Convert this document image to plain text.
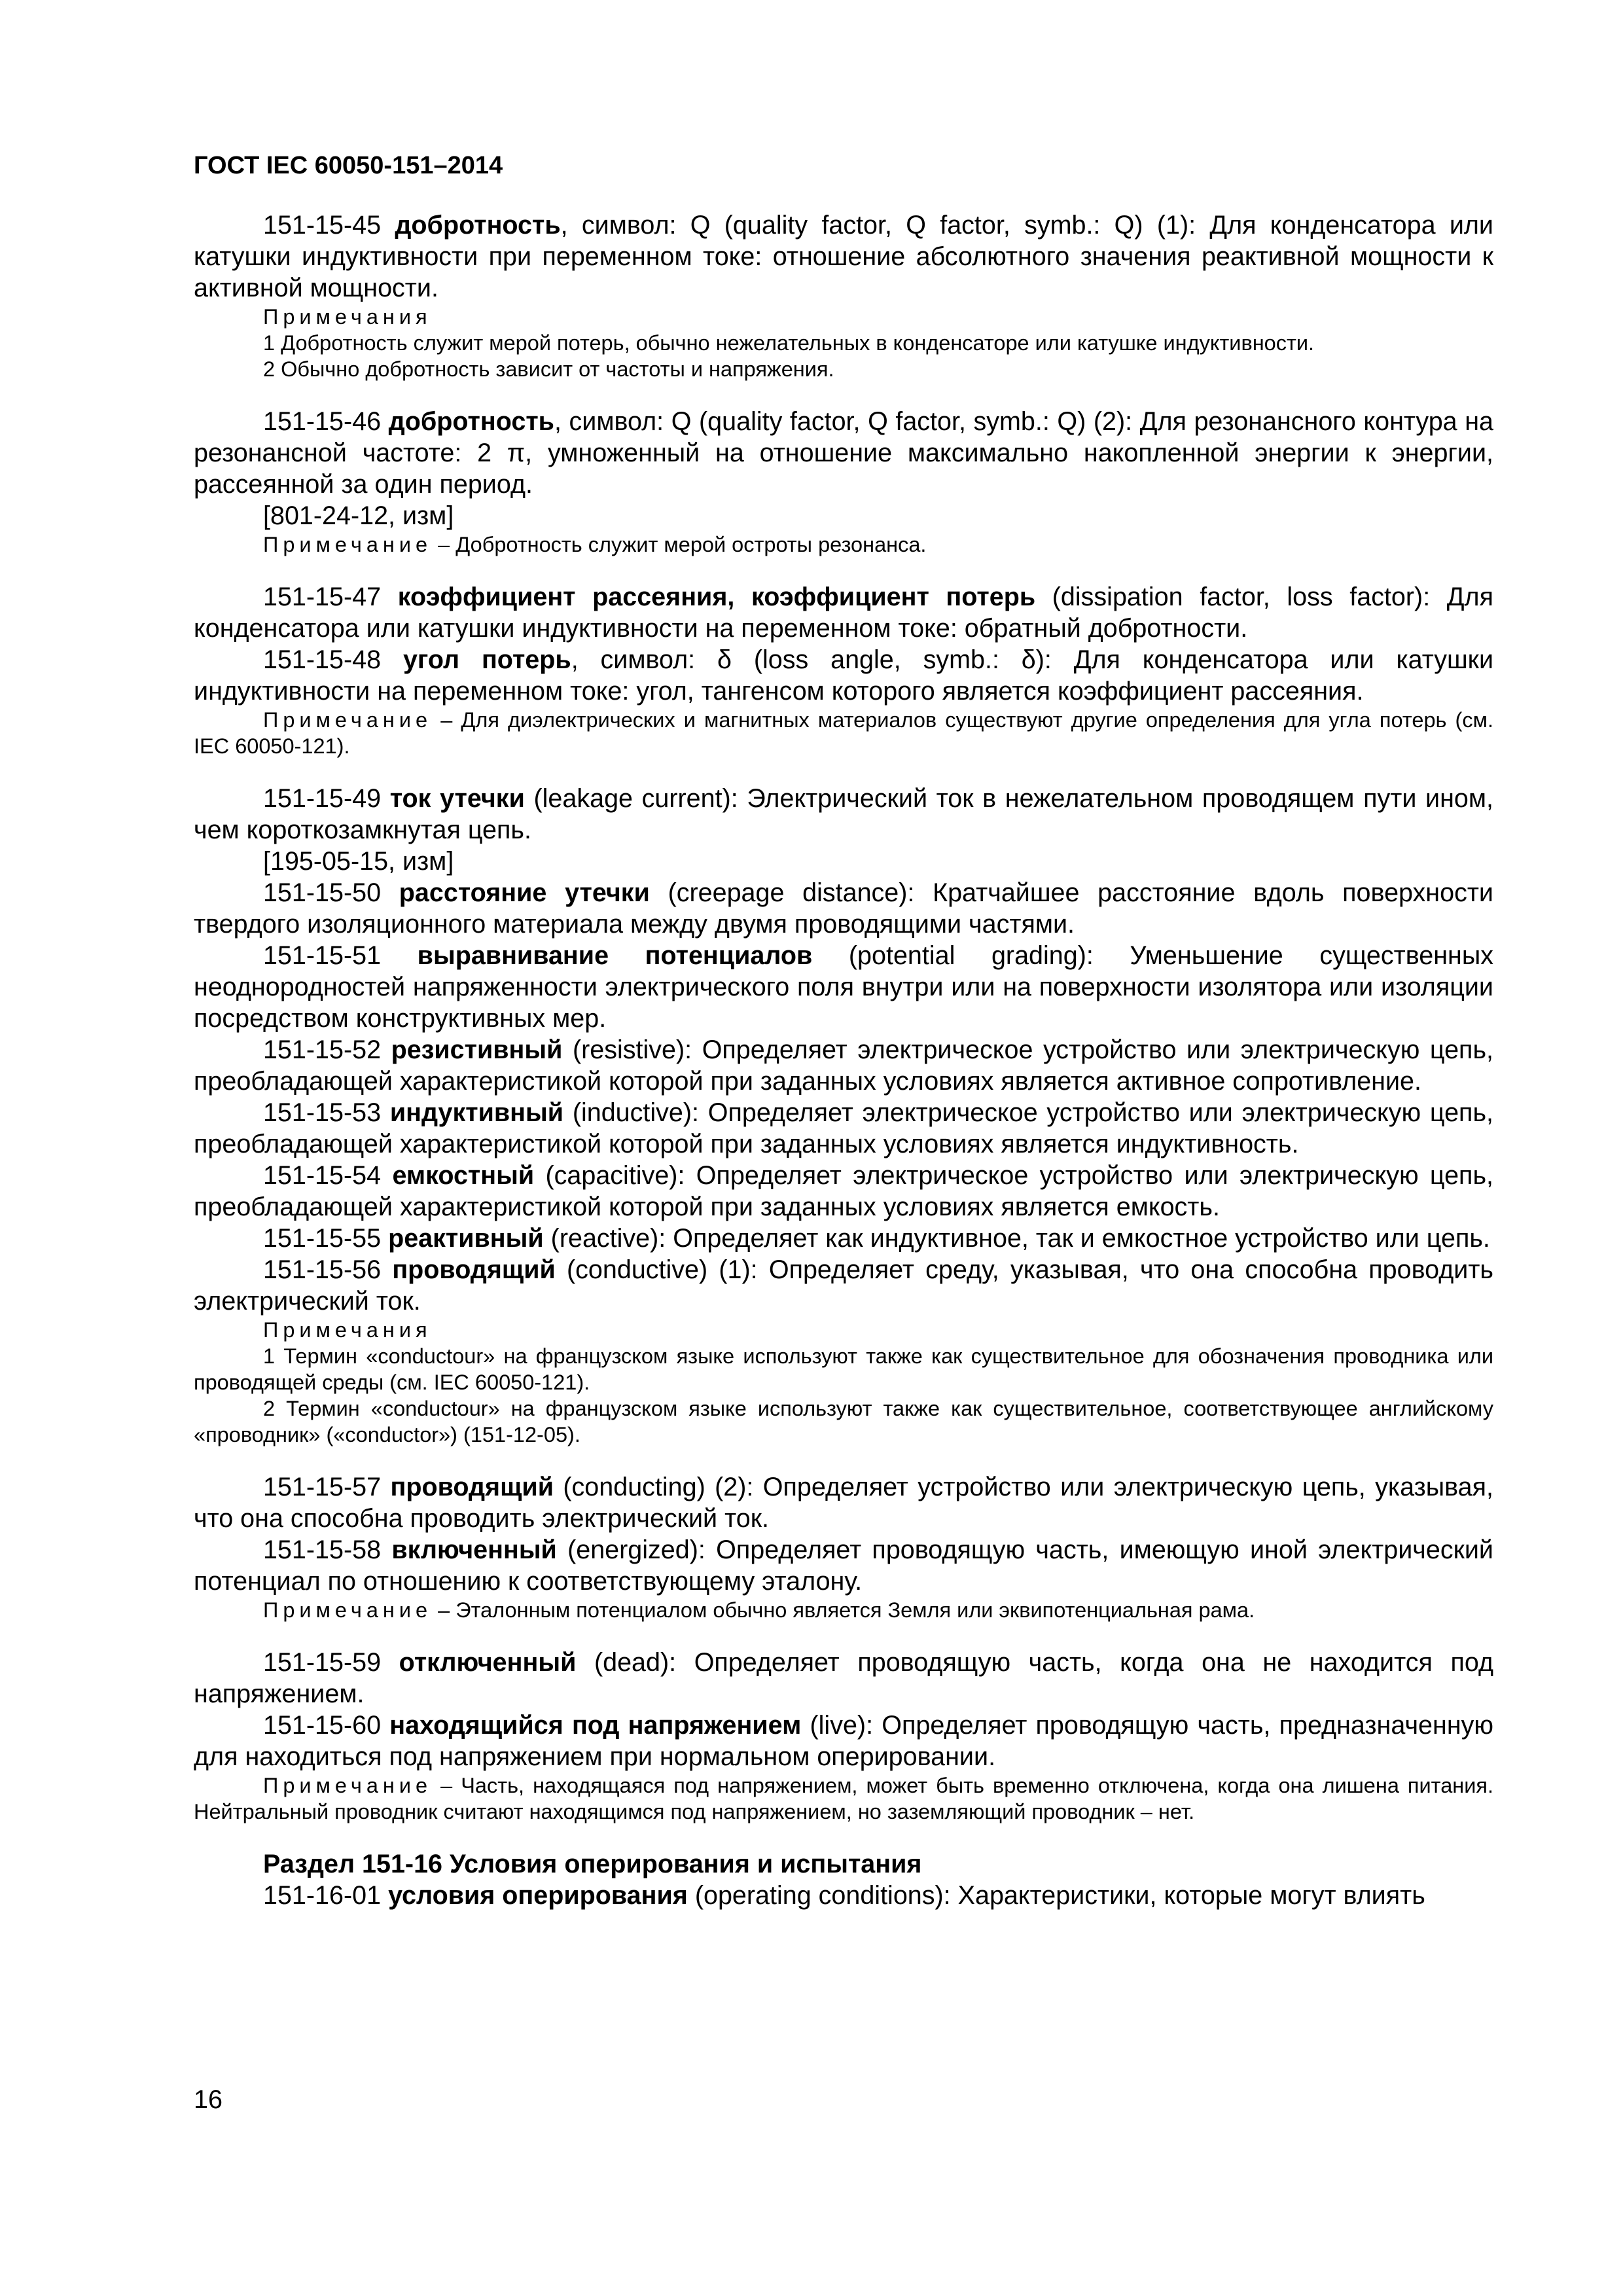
ГОСТ IEC 60050-151–2014

151-15-45 добротность, символ: Q (quality factor, Q factor, symb.: Q) (1): Для конденсатора или катушки индуктивности при переменном токе: отношение абсолютного значения реактивной мощности к активной мощности.

Примечания

1 Добротность служит мерой потерь, обычно нежелательных в конденсаторе или катушке индуктивности.

2 Обычно добротность зависит от частоты и напряжения.

151-15-46 добротность, символ: Q (quality factor, Q factor, symb.: Q) (2): Для резонансного контура на резонансной частоте: 2 π, умноженный на отношение максимально накопленной энергии к энергии, рассеянной за один период.

[801-24-12, изм]

Примечание – Добротность служит мерой остроты резонанса.

151-15-47 коэффициент рассеяния, коэффициент потерь (dissipation factor, loss factor): Для конденсатора или катушки индуктивности на переменном токе: обратный добротности.

151-15-48 угол потерь, символ: δ (loss angle, symb.: δ): Для конденсатора или катушки индуктивности на переменном токе: угол, тангенсом которого является коэффициент рассеяния.

Примечание – Для диэлектрических и магнитных материалов существуют другие определения для угла потерь (см. IEC 60050-121).

151-15-49 ток утечки (leakage current): Электрический ток в нежелательном проводящем пути ином, чем короткозамкнутая цепь.

[195-05-15, изм]

151-15-50 расстояние утечки (creepage distance): Кратчайшее расстояние вдоль поверхности твердого изоляционного материала между двумя проводящими частями.

151-15-51 выравнивание потенциалов (potential grading): Уменьшение существенных неоднородностей напряженности электрического поля внутри или на поверхности изолятора или изоляции посредством конструктивных мер.

151-15-52 резистивный (resistive): Определяет электрическое устройство или электрическую цепь, преобладающей характеристикой которой при заданных условиях является активное сопротивление.

151-15-53 индуктивный (inductive): Определяет электрическое устройство или электрическую цепь, преобладающей характеристикой которой при заданных условиях является индуктивность.

151-15-54 емкостный (capacitive): Определяет электрическое устройство или электрическую цепь, преобладающей характеристикой которой при заданных условиях является емкость.

151-15-55 реактивный (reactive): Определяет как индуктивное, так и емкостное устройство или цепь.

151-15-56 проводящий (conductive) (1): Определяет среду, указывая, что она способна проводить электрический ток.

Примечания

1 Термин «conductour» на французском языке используют также как существительное для обозначения проводника или проводящей среды (см. IEC 60050-121).

2 Термин «conductour» на французском языке используют также как существительное, соответствующее английскому «проводник» («conductor») (151-12-05).

151-15-57 проводящий (conducting) (2): Определяет устройство или электрическую цепь, указывая, что она способна проводить электрический ток.

151-15-58 включенный (energized): Определяет проводящую часть, имеющую иной электрический потенциал по отношению к соответствующему эталону.

Примечание – Эталонным потенциалом обычно является Земля или эквипотенциальная рама.

151-15-59 отключенный (dead): Определяет проводящую часть, когда она не находится под напряжением.

151-15-60 находящийся под напряжением (live): Определяет проводящую часть, предназначенную для находиться под напряжением при нормальном оперировании.

Примечание – Часть, находящаяся под напряжением, может быть временно отключена, когда она лишена питания. Нейтральный проводник считают находящимся под напряжением, но заземляющий проводник – нет.

Раздел 151-16 Условия оперирования и испытания

151-16-01 условия оперирования (operating conditions): Характеристики, которые могут влиять

16
